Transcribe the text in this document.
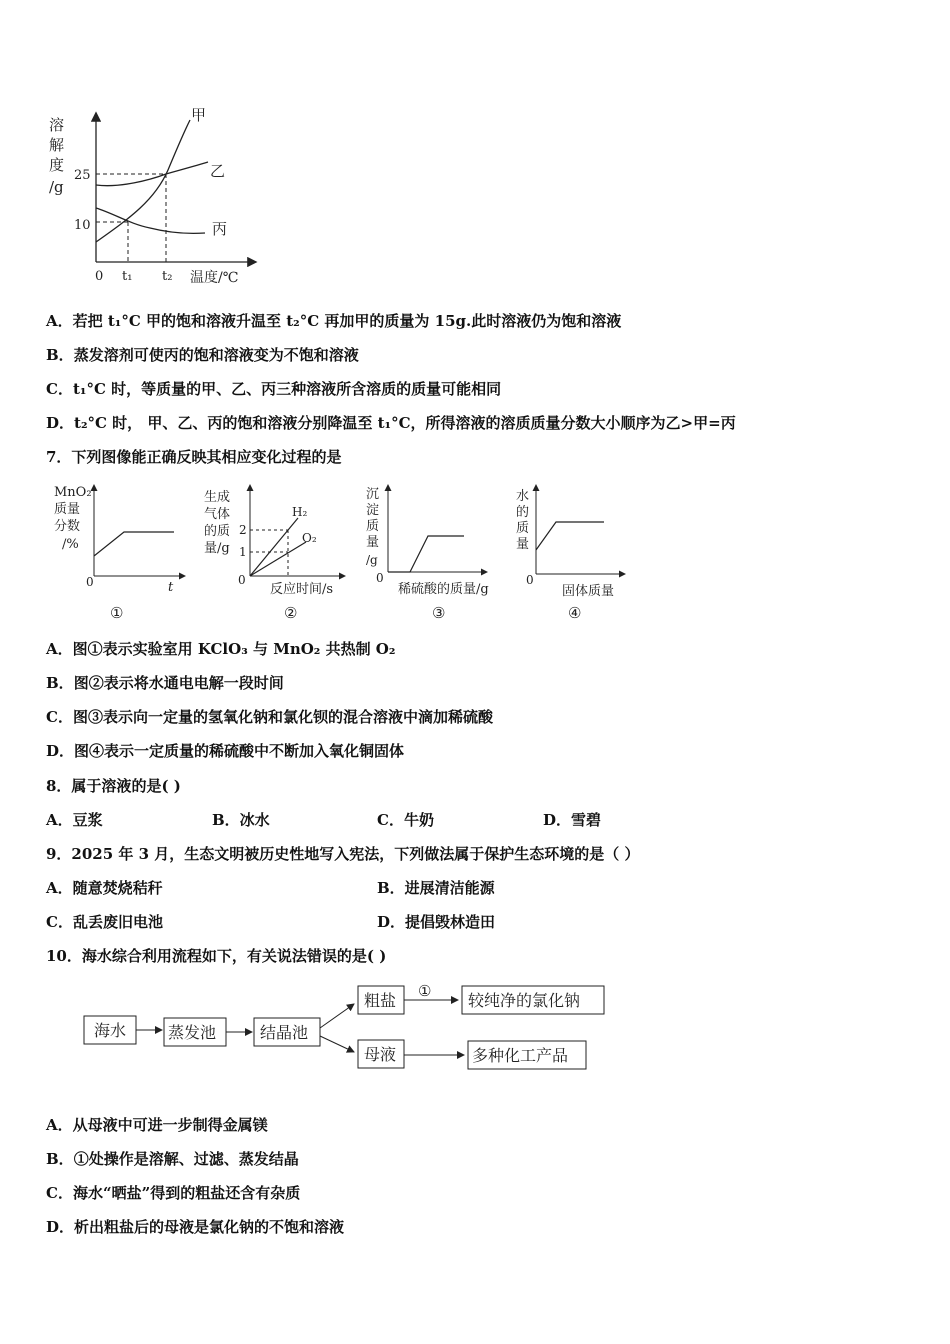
溶
解
度
/g
25
10
0 t₁ t₂ 温度/℃
甲
乙
丙
A．若把 t₁°C 甲的饱和溶液升温至 t₂°C 再加甲的质量为 15g.此时溶液仍为饱和溶液
B．蒸发溶剂可使丙的饱和溶液变为不饱和溶液
C．t₁°C 时，等质量的甲、乙、丙三种溶液所含溶质的质量可能相同
D．t₂°C 时， 甲、乙、丙的饱和溶液分别降温至 t₁°C，所得溶液的溶质质量分数大小顺序为乙>甲=丙
7．下列图像能正确反映其相应变化过程的是
MnO₂
质量
分数
/%
0	t
①
生成
气体
的质
量/g
2
1
0
H₂
O₂
反应时间/s
②
沉
淀
质
量
/g
0
稀硫酸的质量/g
③
水
的
质
量
0
固体质量
④
A．图①表示实验室用 KClO₃ 与 MnO₂ 共热制 O₂
B．图②表示将水通电电解一段时间
C．图③表示向一定量的氢氧化钠和氯化钡的混合溶液中滴加稀硫酸
D．图④表示一定质量的稀硫酸中不断加入氧化铜固体
8．属于溶液的是( )
A．豆浆	B．冰水	C．牛奶	D．雪碧
9．2025 年 3 月，生态文明被历史性地写入宪法，下列做法属于保护生态环境的是（ ）
A．随意焚烧秸秆	B．进展清洁能源
C．乱丢废旧电池	D．提倡毁林造田
10．海水综合利用流程如下，有关说法错误的是( )
海水	蒸发池	结晶池
粗盐
母液
① 较纯净的氯化钠
多种化工产品
A．从母液中可进一步制得金属镁
B．①处操作是溶解、过滤、蒸发结晶
C．海水“晒盐”得到的粗盐还含有杂质
D．析出粗盐后的母液是氯化钠的不饱和溶液
